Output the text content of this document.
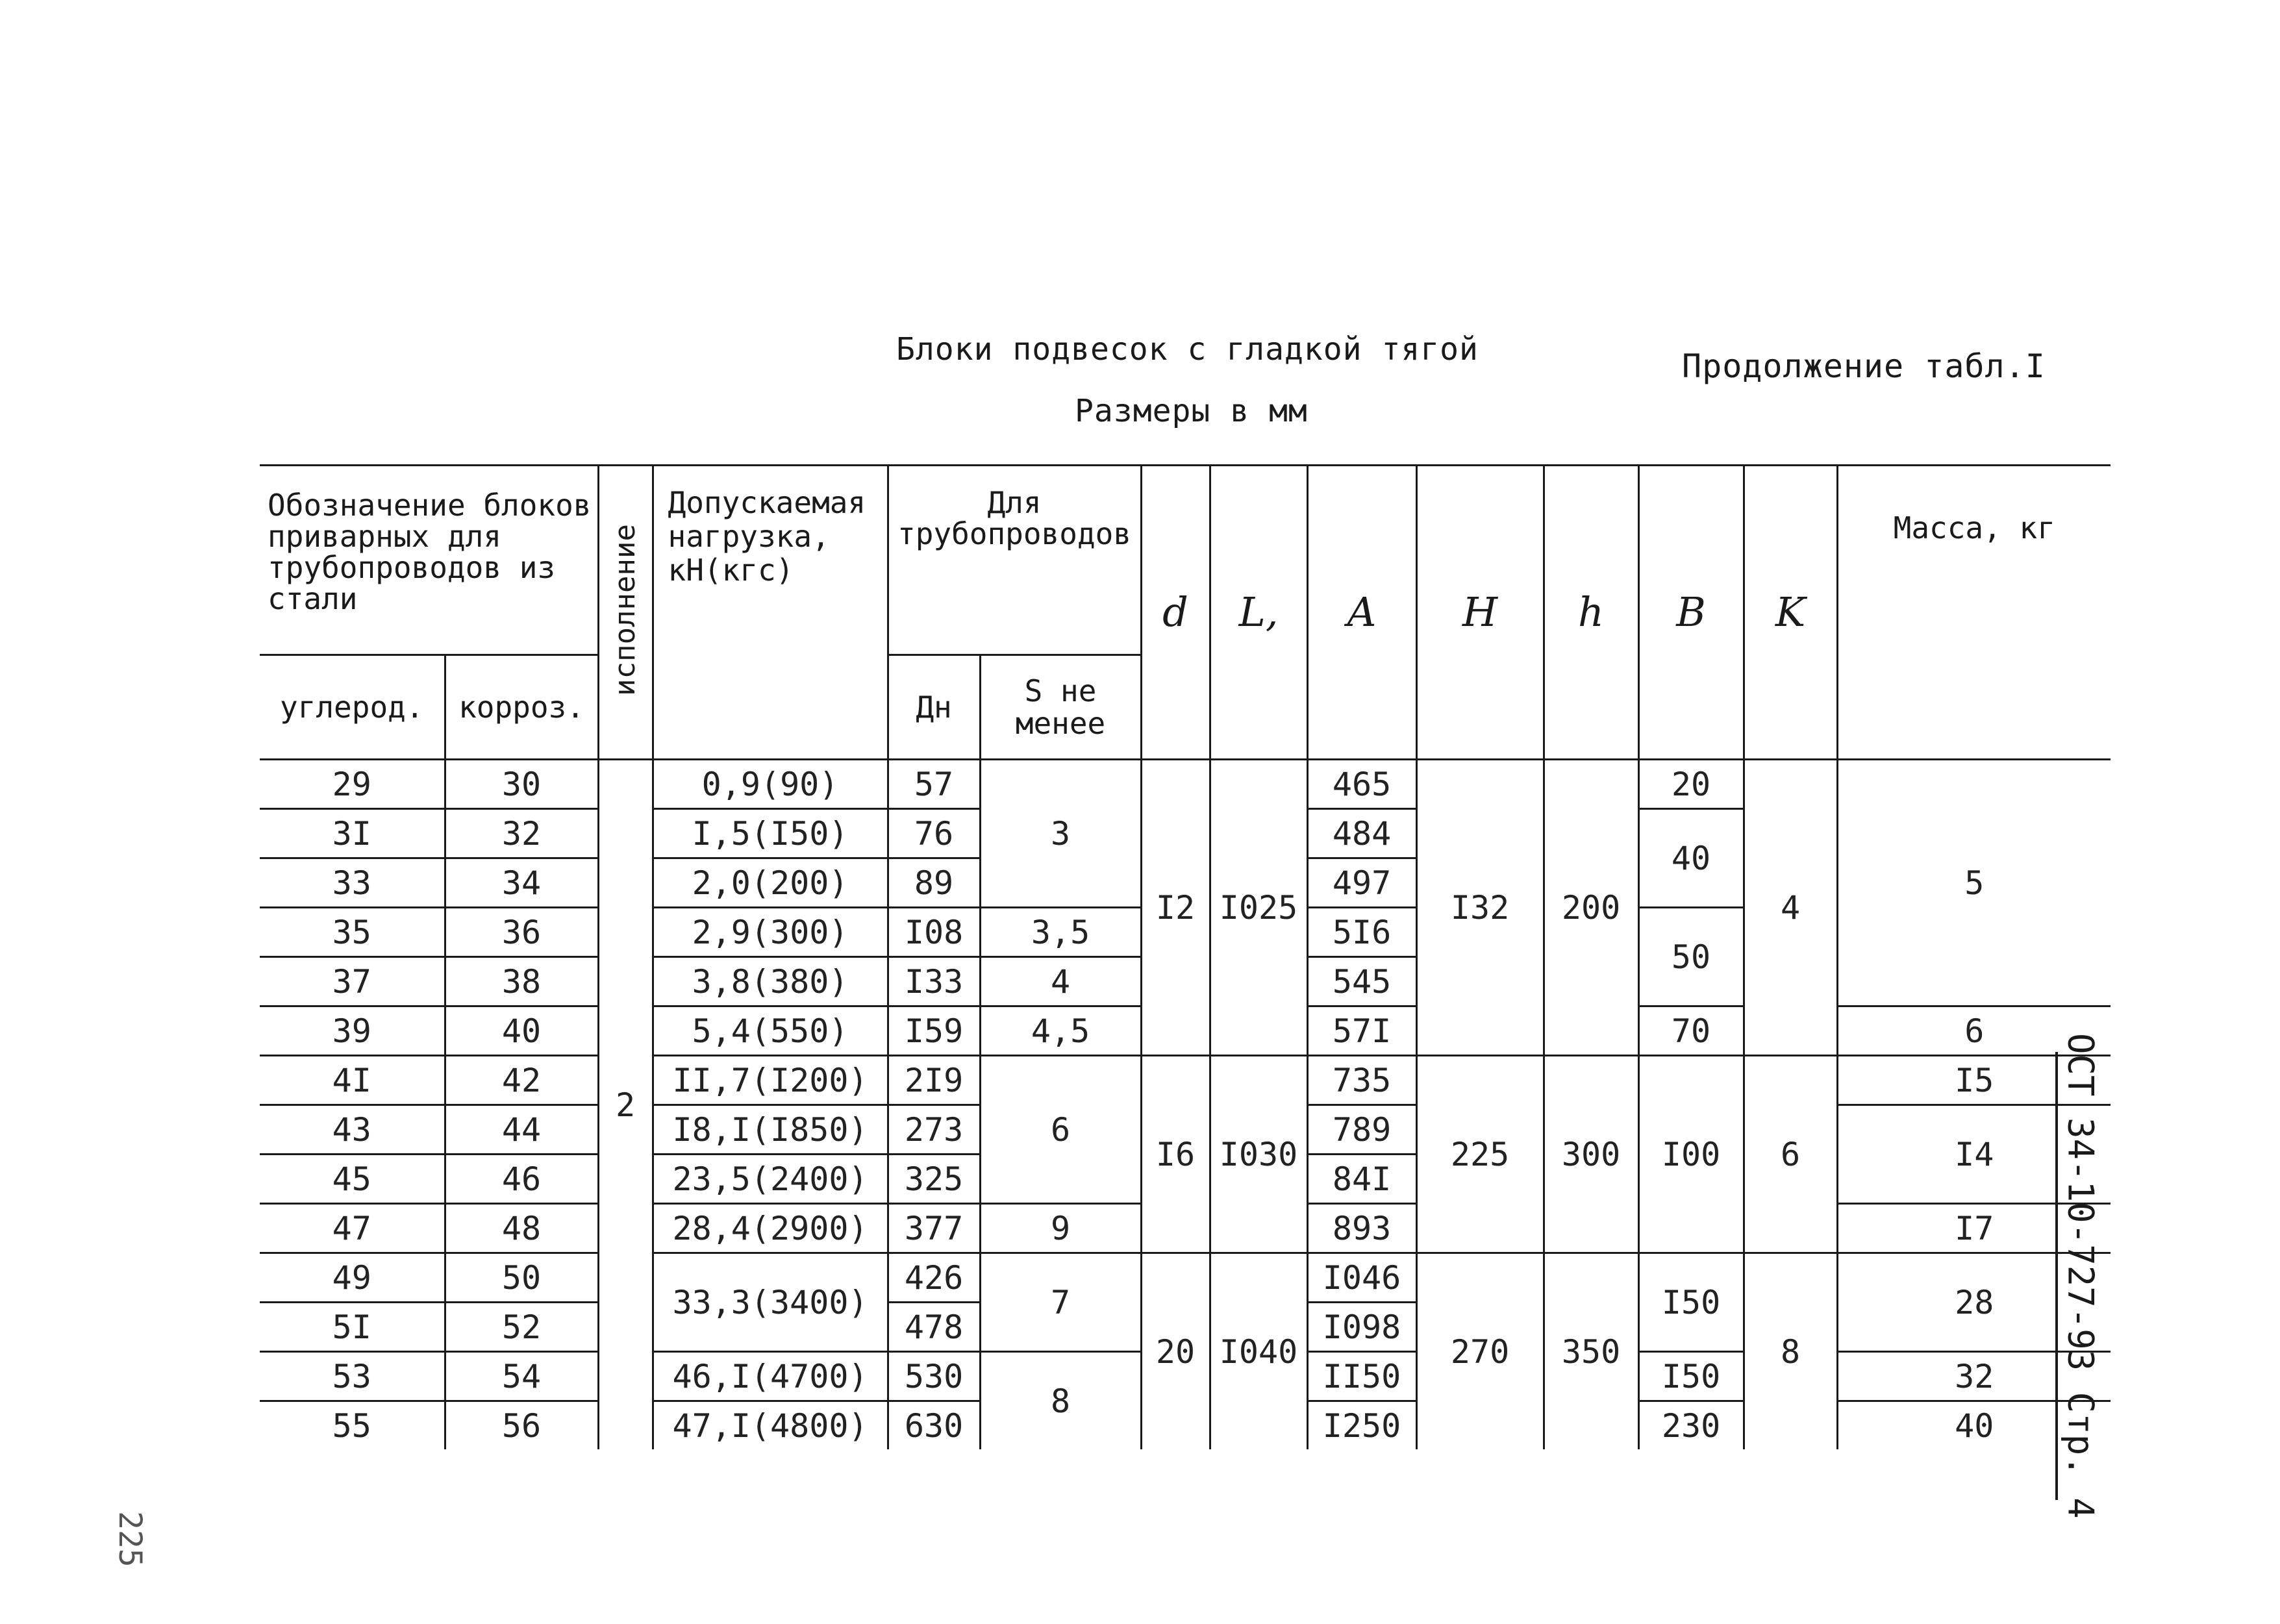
Блоки подвесок с гладкой тягой	Продолжение табл.I
Размеры в мм
Обозначение блоков приварных для трубопроводов из стали		исполнение	Допускаемая нагрузка, кН(кгс)	Для трубопроводов		d	L,	A	H	h	B	K	Масса, кг
углерод.	корроз.			Дн	S не менее								
29	30	2	0,9(90)	57	3	I2	I025	465	I32	200	20	4	5
3I	32		I,5(I50)	76				484			40		
33	34		2,0(200)	89				497					
35	36		2,9(300)	I08	3,5			5I6			50		
37	38		3,8(380)	I33	4			545					
39	40		5,4(550)	I59	4,5			57I			70		6
4I	42		II,7(I200)	2I9	6	I6	I030	735	225	300	I00	6	I5
43	44		I8,I(I850)	273				789					I4
45	46		23,5(2400)	325				84I					
47	48		28,4(2900)	377	9			893					I7
49	50		33,3(3400)	426	7	20	I040	I046	270	350	I50	8	28
5I	52			478				I098					
53	54		46,I(4700)	530	8			II50			I50		32
55	56		47,I(4800)	630				I250			230		40 ОСТ 34-10-727-93 Стр. 4
225
